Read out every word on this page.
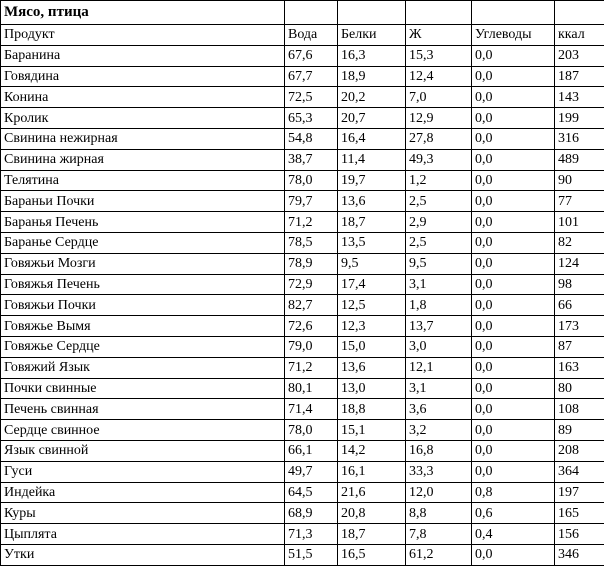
Мясо, птица					
Продукт	Вода	Белки	Ж	Углеводы	ккал
Баранина	67,6	16,3	15,3	0,0	203
Говядина	67,7	18,9	12,4	0,0	187
Конина	72,5	20,2	7,0	0,0	143
Кролик	65,3	20,7	12,9	0,0	199
Свинина нежирная	54,8	16,4	27,8	0,0	316
Свинина жирная	38,7	11,4	49,3	0,0	489
Телятина	78,0	19,7	1,2	0,0	90
Бараньи Почки	79,7	13,6	2,5	0,0	77
Баранья Печень	71,2	18,7	2,9	0,0	101
Баранье Сердце	78,5	13,5	2,5	0,0	82
Говяжьи Мозги	78,9	9,5	9,5	0,0	124
Говяжья Печень	72,9	17,4	3,1	0,0	98
Говяжьи Почки	82,7	12,5	1,8	0,0	66
Говяжье Вымя	72,6	12,3	13,7	0,0	173
Говяжье Сердце	79,0	15,0	3,0	0,0	87
Говяжий Язык	71,2	13,6	12,1	0,0	163
Почки свинные	80,1	13,0	3,1	0,0	80
Печень свинная	71,4	18,8	3,6	0,0	108
Сердце свинное	78,0	15,1	3,2	0,0	89
Язык свинной	66,1	14,2	16,8	0,0	208
Гуси	49,7	16,1	33,3	0,0	364
Индейка	64,5	21,6	12,0	0,8	197
Куры	68,9	20,8	8,8	0,6	165
Цыплята	71,3	18,7	7,8	0,4	156
Утки	51,5	16,5	61,2	0,0	346
